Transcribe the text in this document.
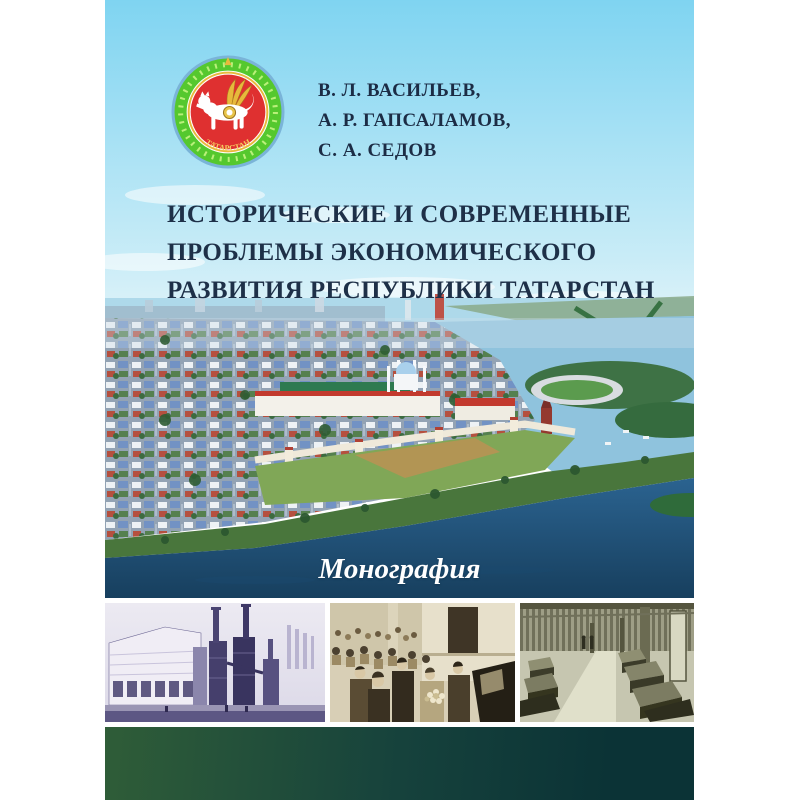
ТАТАРСТАН
В. Л. ВАСИЛЬЕВ,
А. Р. ГАПСАЛАМОВ,
С. А. СЕДОВ
ИСТОРИЧЕСКИЕ И СОВРЕМЕННЫЕ
ПРОБЛЕМЫ ЭКОНОМИЧЕСКОГО
РАЗВИТИЯ РЕСПУБЛИКИ ТАТАРСТАН
Монография
